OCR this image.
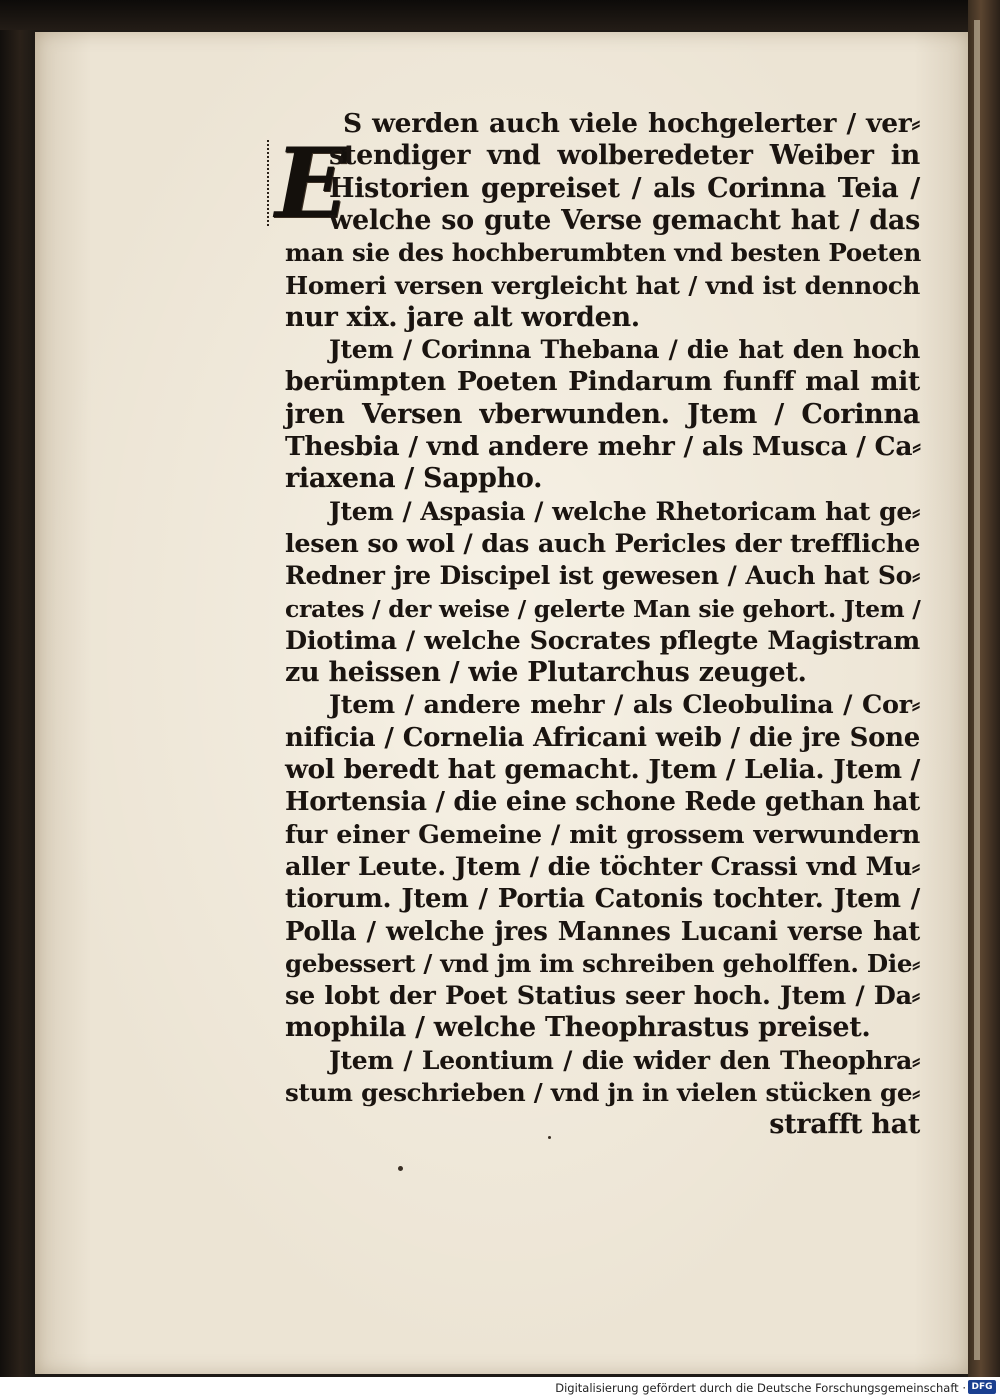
E
S werden auch viele hochgelerter / ver⸗
stendiger vnd wolberedeter Weiber in
Historien gepreiset / als Corinna Teia /
welche so gute Verse gemacht hat / das
man sie des hochberumbten vnd besten Poeten
Homeri versen vergleicht hat / vnd ist dennoch
nur xix. jare alt worden.
Jtem / Corinna Thebana / die hat den hoch
berümpten Poeten Pindarum funff mal mit
jren Versen vberwunden. Jtem / Corinna
Thesbia / vnd andere mehr / als Musca / Ca⸗
riaxena / Sappho.
Jtem / Aspasia / welche Rhetoricam hat ge⸗
lesen so wol / das auch Pericles der treffliche
Redner jre Discipel ist gewesen / Auch hat So⸗
crates / der weise / gelerte Man sie gehort. Jtem /
Diotima / welche Socrates pflegte Magistram
zu heissen / wie Plutarchus zeuget.
Jtem / andere mehr / als Cleobulina / Cor⸗
nificia / Cornelia Africani weib / die jre Sone
wol beredt hat gemacht. Jtem / Lelia. Jtem /
Hortensia / die eine schone Rede gethan hat
fur einer Gemeine / mit grossem verwundern
aller Leute. Jtem / die töchter Crassi vnd Mu⸗
tiorum. Jtem / Portia Catonis tochter. Jtem /
Polla / welche jres Mannes Lucani verse hat
gebessert / vnd jm im schreiben geholffen. Die⸗
se lobt der Poet Statius seer hoch. Jtem / Da⸗
mophila / welche Theophrastus preiset.
Jtem / Leontium / die wider den Theophra⸗
stum geschrieben / vnd jn in vielen stücken ge⸗
strafft hat
Digitalisierung gefördert durch die Deutsche Forschungsgemeinschaft · DFG
